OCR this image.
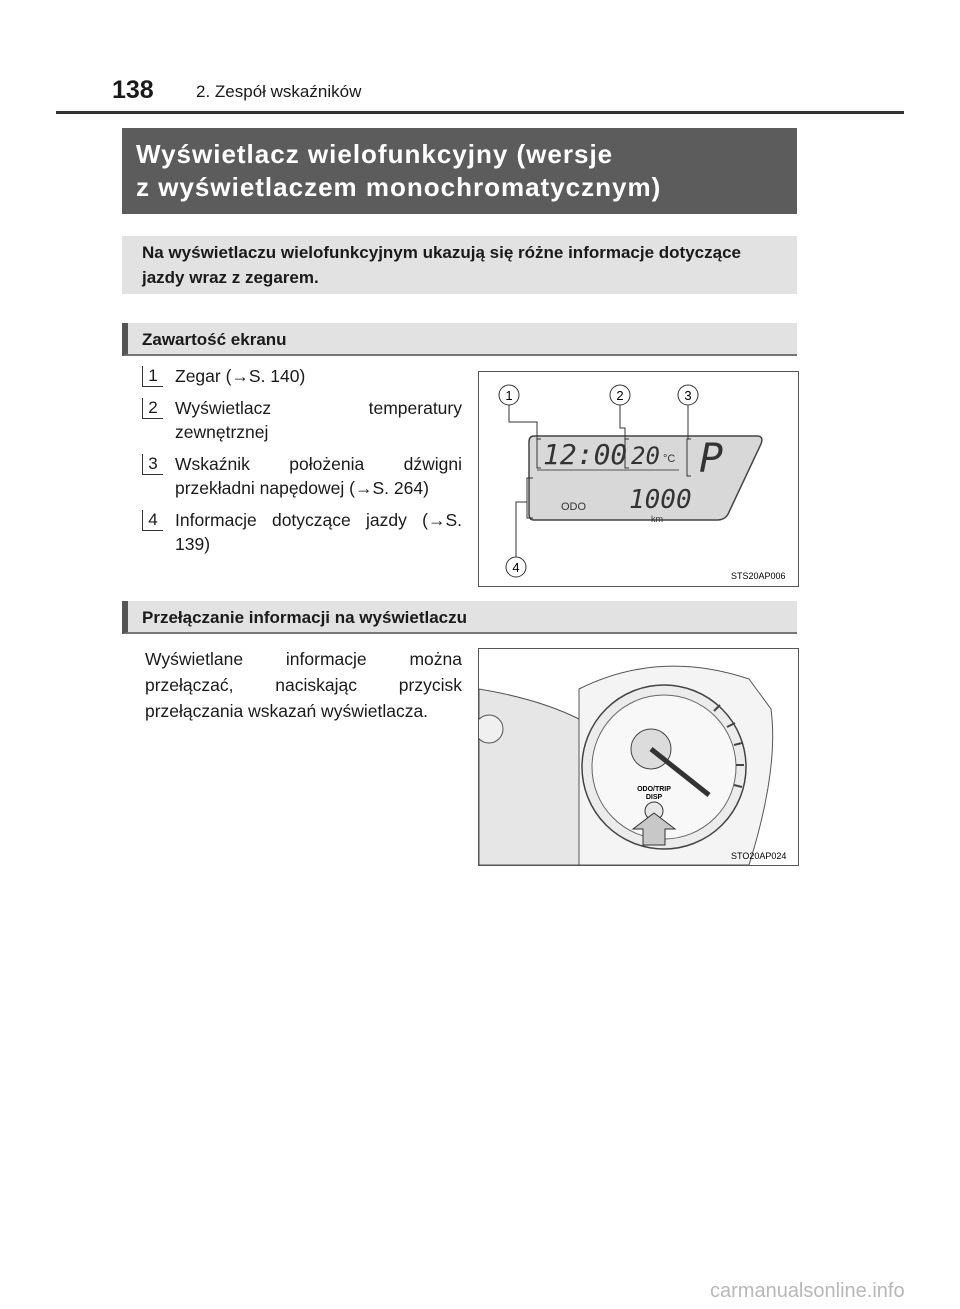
138 2. Zespół wskaźników
Wyświetlacz wielofunkcyjny (wersje
z wyświetlaczem monochromatycznym)
Na wyświetlaczu wielofunkcyjnym ukazują się różne informacje dotyczące jazdy wraz z zegarem.
Zawartość ekranu
1 Zegar (→S. 140)
2 Wyświetlacz temperatury zewnętrznej
3 Wskaźnik położenia dźwigni przekładni napędowej (→S. 264)
4 Informacje dotyczące jazdy (→S. 139)
12:00 20 °C P
ODO 1000
km
1	2	3
4
STS20AP006
Przełączanie informacji na wyświetlaczu
Wyświetlane informacje można przełączać, naciskając przycisk przełączania wskazań wyświetlacza.
ODO/TRIP
DISP
STO20AP024
carmanualsonline.info
